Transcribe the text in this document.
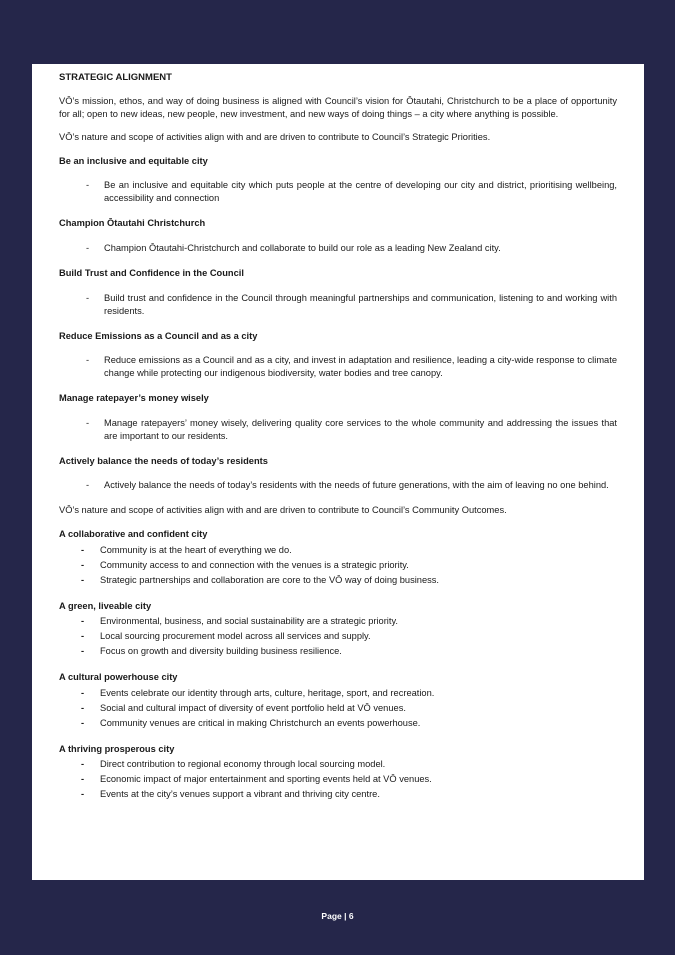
STRATEGIC ALIGNMENT

VŌ’s mission, ethos, and way of doing business is aligned with Council’s vision for Ōtautahi, Christchurch to be a place of opportunity for all; open to new ideas, new people, new investment, and new ways of doing things – a city where anything is possible.

VŌ’s nature and scope of activities align with and are driven to contribute to Council’s Strategic Priorities.

Be an inclusive and equitable city
- Be an inclusive and equitable city which puts people at the centre of developing our city and district, prioritising wellbeing, accessibility and connection
Champion Ōtautahi Christchurch
- Champion Ōtautahi-Christchurch and collaborate to build our role as a leading New Zealand city.
Build Trust and Confidence in the Council
- Build trust and confidence in the Council through meaningful partnerships and communication, listening to and working with residents.
Reduce Emissions as a Council and as a city
- Reduce emissions as a Council and as a city, and invest in adaptation and resilience, leading a city-wide response to climate change while protecting our indigenous biodiversity, water bodies and tree canopy.
Manage ratepayer’s money wisely
- Manage ratepayers’ money wisely, delivering quality core services to the whole community and addressing the issues that are important to our residents.
Actively balance the needs of today’s residents
- Actively balance the needs of today’s residents with the needs of future generations, with the aim of leaving no one behind.

VŌ’s nature and scope of activities align with and are driven to contribute to Council’s Community Outcomes.

A collaborative and confident city
- Community is at the heart of everything we do.
- Community access to and connection with the venues is a strategic priority.
- Strategic partnerships and collaboration are core to the VŌ way of doing business.
A green, liveable city
- Environmental, business, and social sustainability are a strategic priority.
- Local sourcing procurement model across all services and supply.
- Focus on growth and diversity building business resilience.
A cultural powerhouse city
- Events celebrate our identity through arts, culture, heritage, sport, and recreation.
- Social and cultural impact of diversity of event portfolio held at VŌ venues.
- Community venues are critical in making Christchurch an events powerhouse.
A thriving prosperous city
- Direct contribution to regional economy through local sourcing model.
- Economic impact of major entertainment and sporting events held at VŌ venues.
- Events at the city’s venues support a vibrant and thriving city centre.
Page | 6
